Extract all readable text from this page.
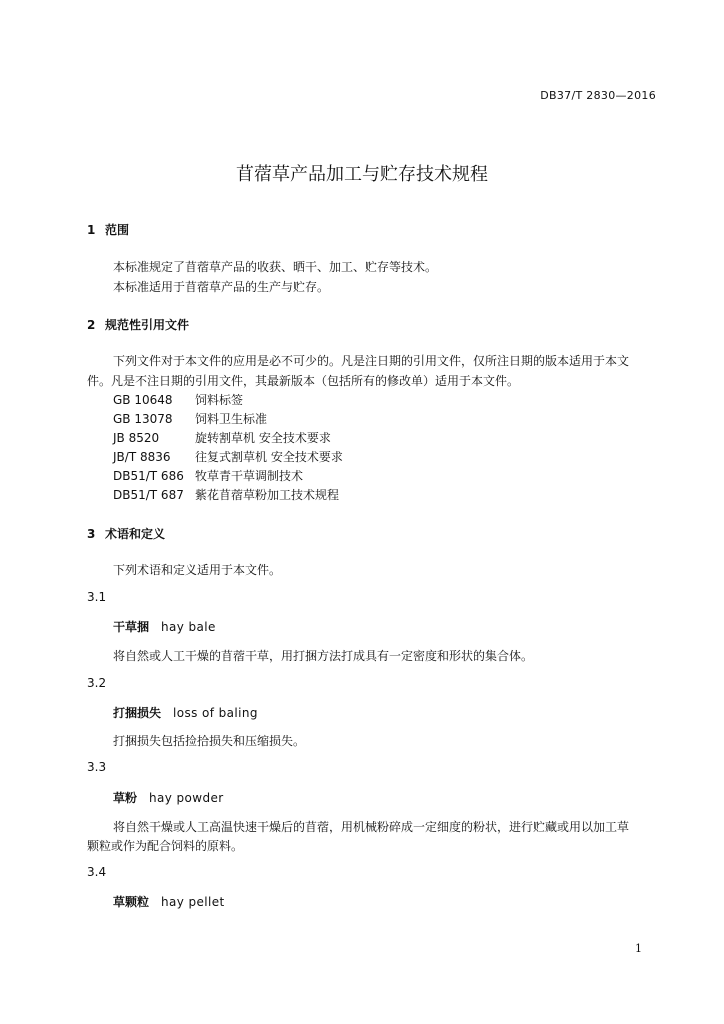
DB37/T 2830—2016
苜蓿草产品加工与贮存技术规程
1 范围
本标准规定了苜蓿草产品的收获、晒干、加工、贮存等技术。
本标准适用于苜蓿草产品的生产与贮存。
2 规范性引用文件
下列文件对于本文件的应用是必不可少的。凡是注日期的引用文件，仅所注日期的版本适用于本文
件。凡是不注日期的引用文件，其最新版本（包括所有的修改单）适用于本文件。
GB 10648 饲料标签
GB 13078 饲料卫生标准
JB 8520	旋转割草机 安全技术要求
JB/T 8836 往复式割草机 安全技术要求
DB51/T 686 牧草青干草调制技术
DB51/T 687 紫花苜蓿草粉加工技术规程
3 术语和定义
下列术语和定义适用于本文件。
3.1
干草捆 hay bale
将自然或人工干燥的苜蓿干草，用打捆方法打成具有一定密度和形状的集合体。
3.2
打捆损失 loss of baling
打捆损失包括捡拾损失和压缩损失。
3.3
草粉 hay powder
将自然干燥或人工高温快速干燥后的苜蓿，用机械粉碎成一定细度的粉状，进行贮藏或用以加工草
颗粒或作为配合饲料的原料。
3.4
草颗粒 hay pellet
1
